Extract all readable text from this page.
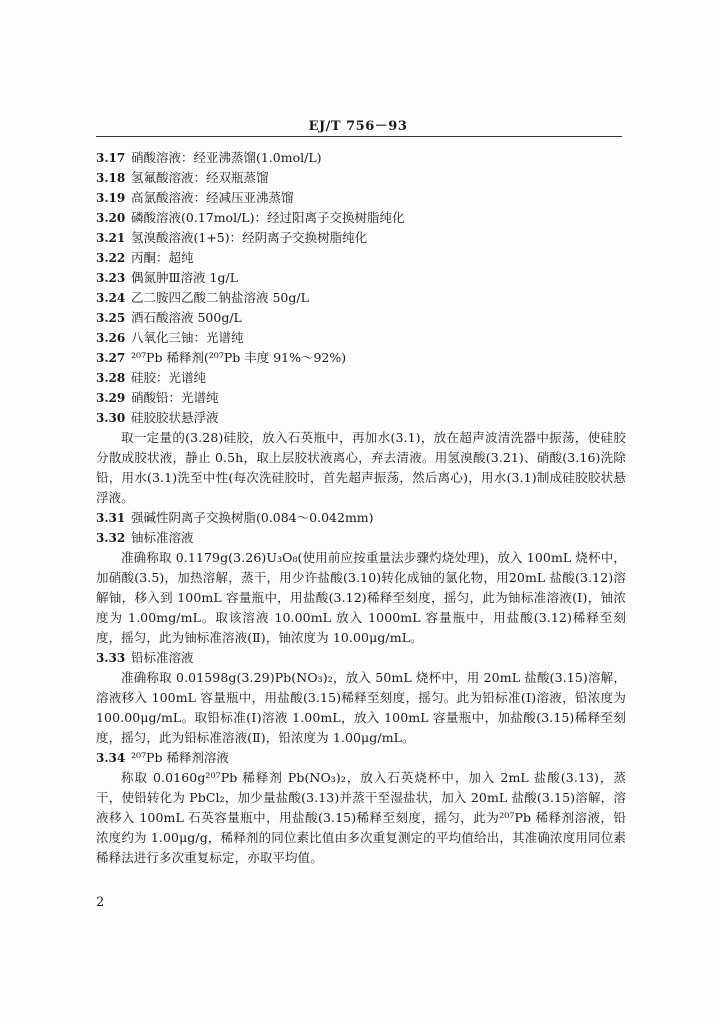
EJ/T 756－93
3.17 硝酸溶液：经亚沸蒸馏(1.0mol/L)
3.18 氢氟酸溶液：经双瓶蒸馏
3.19 高氯酸溶液：经减压亚沸蒸馏
3.20 磷酸溶液(0.17mol/L)：经过阳离子交换树脂纯化
3.21 氢溴酸溶液(1+5)：经阴离子交换树脂纯化
3.22 丙酮：超纯
3.23 偶氮肿Ⅲ溶液 1g/L
3.24 乙二胺四乙酸二钠盐溶液 50g/L
3.25 酒石酸溶液 500g/L
3.26 八氧化三铀：光谱纯
3.27 ²⁰⁷Pb 稀释剂(²⁰⁷Pb 丰度 91%～92%)
3.28 硅胶：光谱纯
3.29 硝酸铅：光谱纯
3.30 硅胶胶状悬浮液

取一定量的(3.28)硅胶，放入石英瓶中，再加水(3.1)，放在超声波清洗器中振荡，使硅胶分散成胶状液，静止 0.5h，取上层胶状液离心，弃去清液。用氢溴酸(3.21)、硝酸(3.16)洗除铅，用水(3.1)洗至中性(每次洗硅胶时，首先超声振荡，然后离心)，用水(3.1)制成硅胶胶状悬浮液。

3.31 强碱性阴离子交换树脂(0.084～0.042mm)
3.32 铀标准溶液

准确称取 0.1179g(3.26)U₃O₈(使用前应按重量法步骤灼烧处理)，放入 100mL 烧杯中，加硝酸(3.5)，加热溶解，蒸干，用少许盐酸(3.10)转化成铀的氯化物，用20mL 盐酸(3.12)溶解铀，移入到 100mL 容量瓶中，用盐酸(3.12)稀释至刻度，摇匀，此为铀标准溶液(Ⅰ)，铀浓度为 1.00mg/mL。取该溶液 10.00mL 放入 1000mL 容量瓶中，用盐酸(3.12)稀释至刻度，摇匀，此为铀标准溶液(Ⅱ)，铀浓度为 10.00μg/mL。

3.33 铅标准溶液

准确称取 0.01598g(3.29)Pb(NO₃)₂，放入 50mL 烧杯中，用 20mL 盐酸(3.15)溶解，溶液移入 100mL 容量瓶中，用盐酸(3.15)稀释至刻度，摇匀。此为铅标准(Ⅰ)溶液，铅浓度为 100.00μg/mL。取铅标准(Ⅰ)溶液 1.00mL，放入 100mL 容量瓶中，加盐酸(3.15)稀释至刻度，摇匀，此为铅标准溶液(Ⅱ)，铅浓度为 1.00μg/mL。

3.34 ²⁰⁷Pb 稀释剂溶液

称取 0.0160g²⁰⁷Pb 稀释剂 Pb(NO₃)₂，放入石英烧杯中，加入 2mL 盐酸(3.13)，蒸干，使铅转化为 PbCl₂，加少量盐酸(3.13)并蒸干至湿盐状，加入 20mL 盐酸(3.15)溶解，溶液移入 100mL 石英容量瓶中，用盐酸(3.15)稀释至刻度，摇匀，此为²⁰⁷Pb 稀释剂溶液，铅浓度约为 1.00μg/g，稀释剂的同位素比值由多次重复测定的平均值给出，其准确浓度用同位素稀释法进行多次重复标定，亦取平均值。

2
